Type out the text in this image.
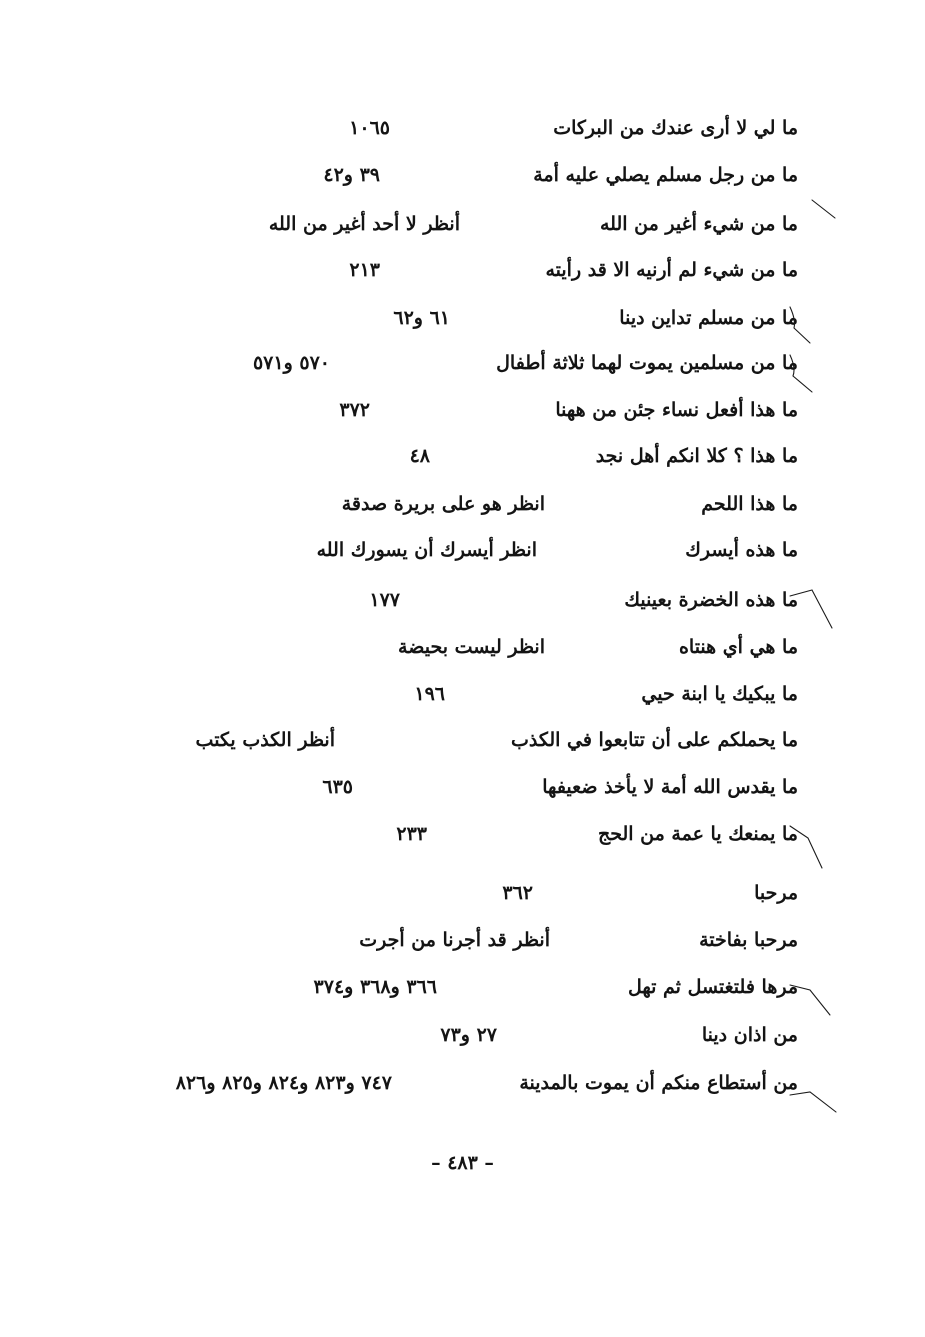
ما لي لا أرى عندك من البركات
١٠٦٥
ما من رجل مسلم يصلي عليه أمة
٣٩ و٤٢
ما من شيء أغير من الله
أنظر لا أحد أغير من الله
ما من شيء لم أرنيه الا قد رأيته
٢١٣
ما من مسلم تداين دينا
٦١ و٦٢
ما من مسلمين يموت لهما ثلاثة أطفال
٥٧٠ و٥٧١
ما هذا أفعل نساء جئن من ههنا
٣٧٢
ما هذا ؟ كلا انكم أهل نجد
٤٨
ما هذا اللحم
انظر هو على بريرة صدقة
ما هذه أيسرك
انظر أيسرك أن يسورك الله
ما هذه الخضرة بعينيك
١٧٧
ما هي أي هنتاه
انظر ليست بحيضة
ما يبكيك يا ابنة حيي
١٩٦
ما يحملكم على أن تتابعوا في الكذب
أنظر الكذب يكتب
ما يقدس الله أمة لا يأخذ ضعيفها
٦٣٥
ما يمنعك يا عمة من الحج
٢٣٣
مرحبا
٣٦٢
مرحبا بفاختة
أنظر قد أجرنا من أجرت
مرها فلتغتسل ثم تهل
٣٦٦ و٣٦٨ و٣٧٤
من اذان دينا
٢٧ و٧٣
من أستطاع منكم أن يموت بالمدينة
٧٤٧ و٨٢٣ و٨٢٤ و٨٢٥ و٨٢٦
– ٤٨٣ –
